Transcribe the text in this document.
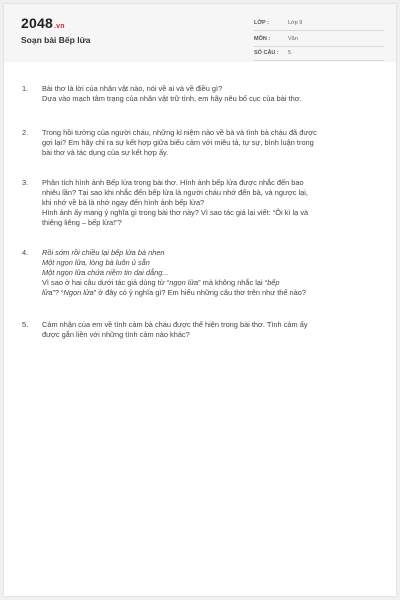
2048.vn
Soạn bài Bếp lửa
LỚP :	Lớp 9
MÔN :	Văn
SỐ CÂU : 5
1. Bài thơ là lời của nhân vật nào, nói về ai và về điều gì?
Dựa vào mạch tâm trạng của nhân vật trữ tình, em hãy nêu bố cục của bài thơ.
2. Trong hồi tưởng của người cháu, những kỉ niệm nào về bà và tình bà cháu đã được
gợi lại? Em hãy chỉ ra sự kết hợp giữa biểu cảm với miêu tả, tự sự, bình luận trong
bài thơ và tác dụng của sự kết hợp ấy.
3. Phân tích hình ảnh Bếp lửa trong bài thơ. Hình ảnh bếp lửa được nhắc đến bao
nhiêu lần? Tại sao khi nhắc đến bếp lửa là người cháu nhớ đến bà, và ngược lại,
khi nhớ về bà là nhớ ngay đến hình ảnh bếp lửa?
Hình ảnh ấy mang ý nghĩa gì trong bài thơ này? Vì sao tác giả lại viết: “Ôi kì lạ và
thiêng liêng – bếp lửa!”?
4. Rồi sớm rồi chiều lại bếp lửa bà nhen
Một ngọn lửa, lòng bà luôn ủ sẵn
Một ngọn lửa chứa niềm tin dai dẳng...
Vì sao ở hai câu dưới tác giả dùng từ “ngọn lửa” mà không nhắc lại “bếp
lửa”? “Ngọn lửa” ở đây có ý nghĩa gì? Em hiểu những câu thơ trên như thế nào?
5. Cảm nhận của em về tình cảm bà cháu được thể hiện trong bài thơ. Tình cảm ấy
được gắn liền với những tình cảm nào khác?
